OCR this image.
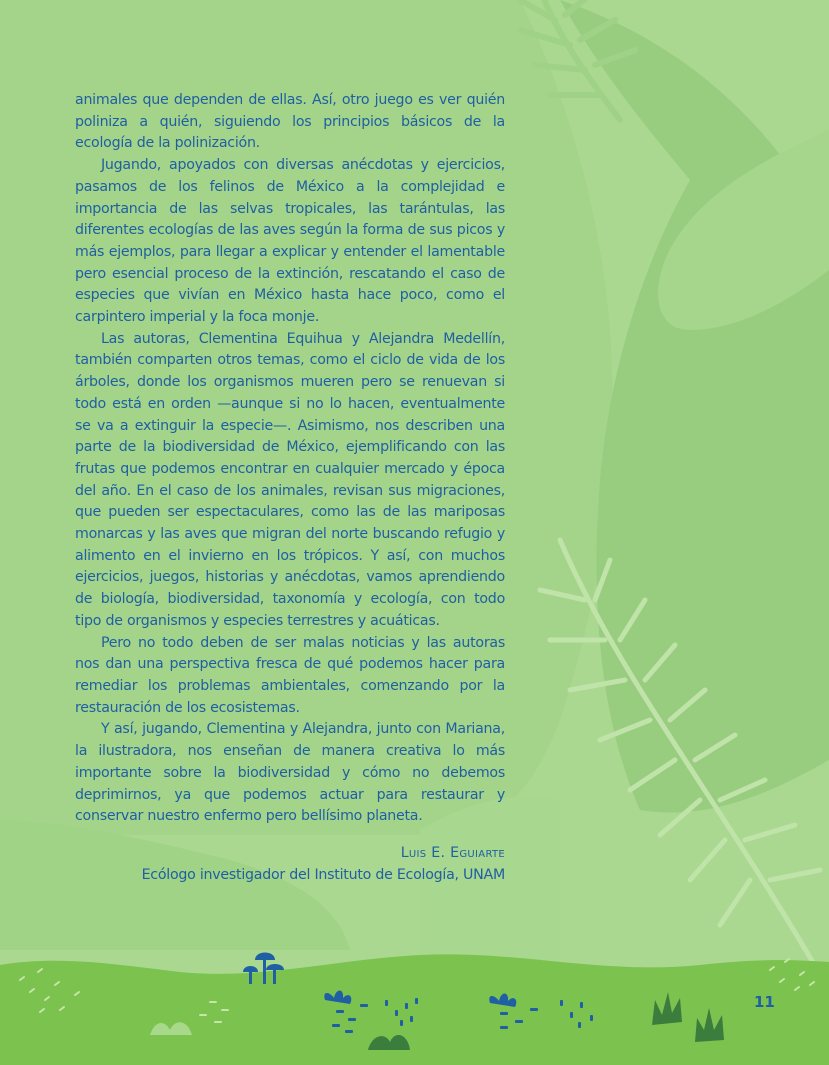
animales que dependen de ellas. Así, otro juego es ver quién poliniza a quién, siguiendo los principios básicos de la ecología de la polinización.

Jugando, apoyados con diversas anécdotas y ejercicios, pasamos de los felinos de México a la complejidad e importancia de las selvas tropicales, las tarántulas, las diferentes ecologías de las aves según la forma de sus picos y más ejemplos, para llegar a explicar y entender el lamentable pero esencial proceso de la extinción, rescatando el caso de especies que vivían en México hasta hace poco, como el carpintero imperial y la foca monje.

Las autoras, Clementina Equihua y Alejandra Medellín, también comparten otros temas, como el ciclo de vida de los árboles, donde los organismos mueren pero se renuevan si todo está en orden —aunque si no lo hacen, eventualmente se va a extinguir la especie—. Asimismo, nos describen una parte de la biodiversidad de México, ejemplificando con las frutas que podemos encontrar en cualquier mercado y época del año. En el caso de los animales, revisan sus migraciones, que pueden ser espectaculares, como las de las mariposas monarcas y las aves que migran del norte buscando refugio y alimento en el invierno en los trópicos. Y así, con muchos ejercicios, juegos, historias y anécdotas, vamos aprendiendo de biología, biodiversidad, taxonomía y ecología, con todo tipo de organismos y especies terrestres y acuáticas.

Pero no todo deben de ser malas noticias y las autoras nos dan una perspectiva fresca de qué podemos hacer para remediar los problemas ambientales, comenzando por la restauración de los ecosistemas.

Y así, jugando, Clementina y Alejandra, junto con Mariana, la ilustradora, nos enseñan de manera creativa lo más importante sobre la biodiversidad y cómo no debemos deprimirnos, ya que podemos actuar para restaurar y conservar nuestro enfermo pero bellísimo planeta.

Luis E. Eguiarte
Ecólogo investigador del Instituto de Ecología, UNAM
11
